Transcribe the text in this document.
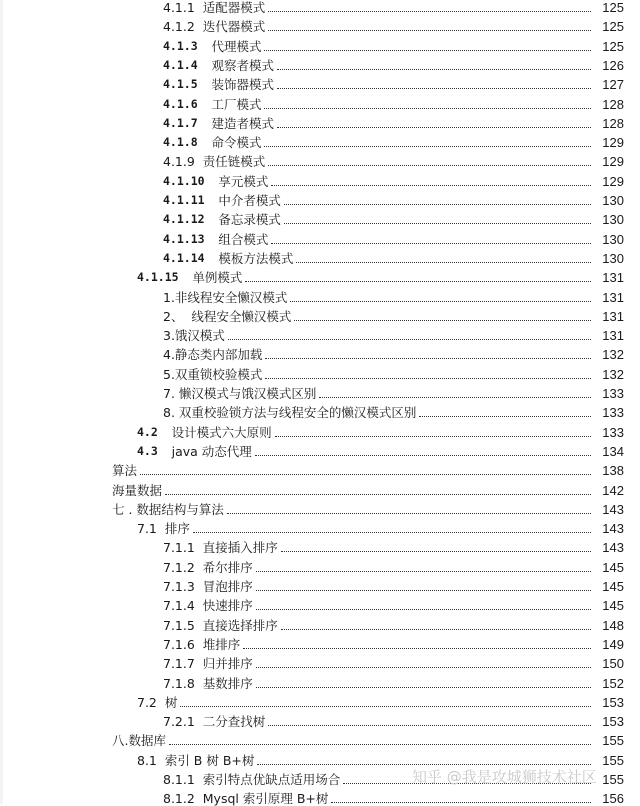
4.1.1 适配器模式	125
4.1.2 迭代器模式	125
4.1.3 代理模式	125
4.1.4 观察者模式	126
4.1.5 装饰器模式	127
4.1.6 工厂模式	128
4.1.7 建造者模式	128
4.1.8 命令模式	129
4.1.9 责任链模式	129
4.1.10 享元模式	129
4.1.11 中介者模式	130
4.1.12 备忘录模式	130
4.1.13 组合模式	130
4.1.14 模板方法模式	130
4.1.15 单例模式	131
1.非线程安全懒汉模式	131
2、  线程安全懒汉模式	131
3.饿汉模式	131
4.静态类内部加载	132
5.双重锁校验模式	132
7. 懒汉模式与饿汉模式区别	133
8. 双重校验锁方法与线程安全的懒汉模式区别	133
4.2 设计模式六大原则	133
4.3 java 动态代理	134
算法	138
海量数据	142
七 . 数据结构与算法	143
7.1 排序	143
7.1.1 直接插入排序	143
7.1.2 希尔排序	145
7.1.3 冒泡排序	145
7.1.4 快速排序	145
7.1.5 直接选择排序	148
7.1.6 堆排序	149
7.1.7 归并排序	150
7.1.8 基数排序	152
7.2 树	153
7.2.1 二分查找树	153
八.数据库	155
8.1 索引 B 树 B+树	155
8.1.1 索引特点优缺点适用场合	155
8.1.2 Mysql 索引原理 B+树	156
知乎 @我是攻城狮技术社区
